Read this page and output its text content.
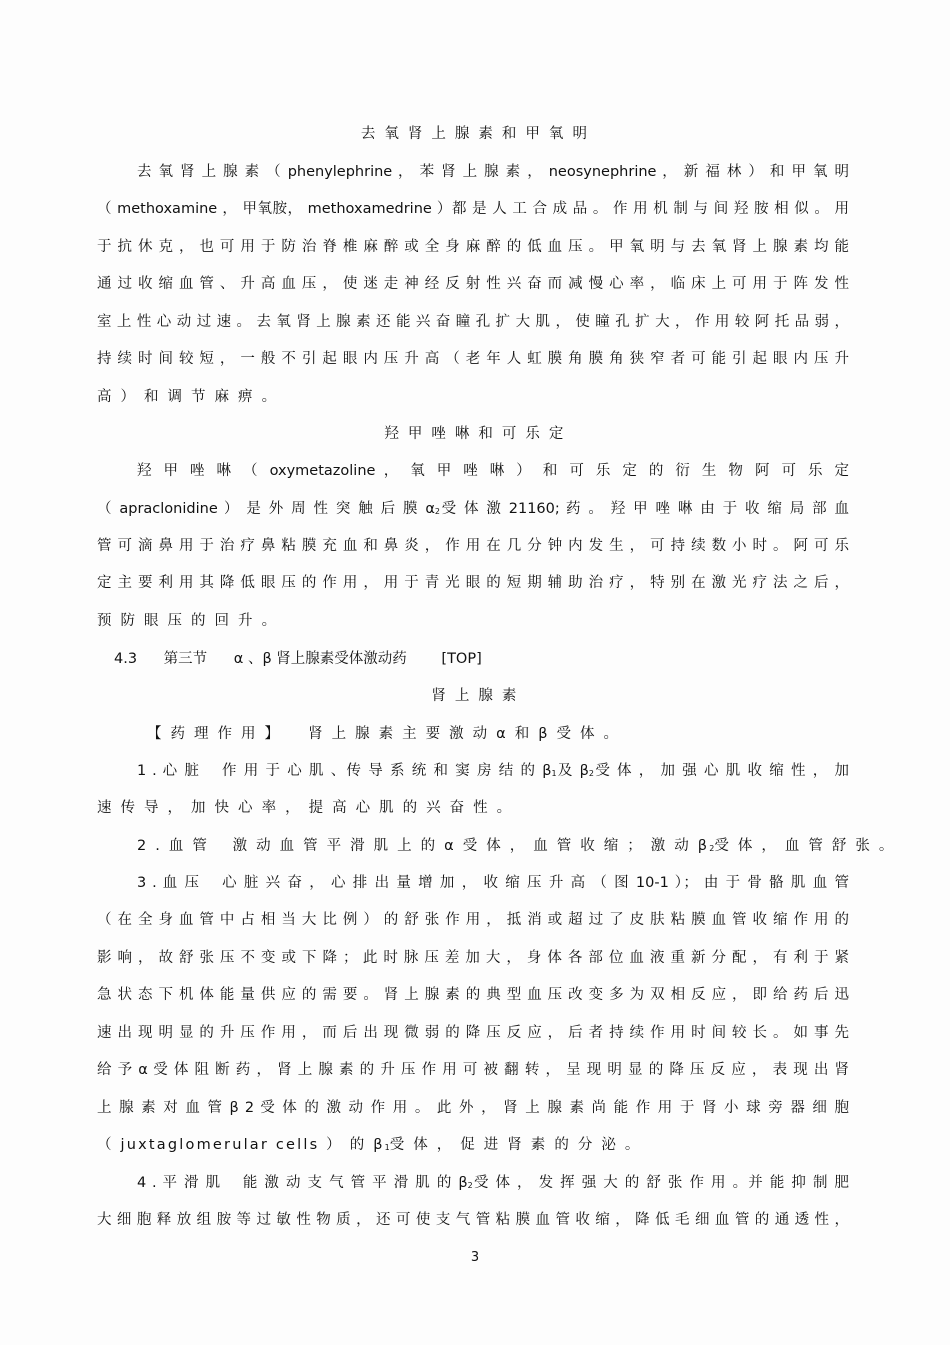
去 氧 肾 上 腺 素 和 甲 氧 明
去 氧 肾 上 腺 素 （ phenylephrine ， 苯 肾 上 腺 素 ， neosynephrine ， 新 福 林 ） 和 甲 氧 明
（ methoxamine ， 甲氧胺， methoxamedrine ）都 是 人 工 合 成 品 。 作 用 机 制 与 间 羟 胺 相 似 。 用
于 抗 休 克 ， 也 可 用 于 防 治 脊 椎 麻 醉 或 全 身 麻 醉 的 低 血 压 。 甲 氧 明 与 去 氧 肾 上 腺 素 均 能
通 过 收 缩 血 管 、 升 高 血 压 ， 使 迷 走 神 经 反 射 性 兴 奋 而 减 慢 心 率 ， 临 床 上 可 用 于 阵 发 性
室 上 性 心 动 过 速 。 去 氧 肾 上 腺 素 还 能 兴 奋 瞳 孔 扩 大 肌 ， 使 瞳 孔 扩 大 ， 作 用 较 阿 托 品 弱 ，
持 续 时 间 较 短 ， 一 般 不 引 起 眼 内 压 升 高 （ 老 年 人 虹 膜 角 膜 角 狭 窄 者 可 能 引 起 眼 内 压 升
高 ） 和 调 节 麻 痹 。
羟 甲 唑 啉 和 可 乐 定
羟 甲 唑 啉 （ oxymetazoline ， 氧 甲 唑 啉 ） 和 可 乐 定 的 衍 生 物 阿 可 乐 定
（ apraclonidine ） 是 外 周 性 突 触 后 膜 α2受 体 激 21160; 药 。 羟 甲 唑 啉 由 于 收 缩 局 部 血
管 可 滴 鼻 用 于 治 疗 鼻 粘 膜 充 血 和 鼻 炎 ， 作 用 在 几 分 钟 内 发 生 ， 可 持 续 数 小 时 。 阿 可 乐
定 主 要 利 用 其 降 低 眼 压 的 作 用 ， 用 于 青 光 眼 的 短 期 辅 助 治 疗 ， 特 别 在 激 光 疗 法 之 后 ，
预 防 眼 压 的 回 升 。
4.3 第三节 α 、β 肾上腺素受体激动药 [TOP]
肾 上 腺 素
【 药 理 作 用 】 肾 上 腺 素 主 要 激 动 α 和 β 受 体 。
1 . 心 脏　 作 用 于 心 肌 、传 导 系 统 和 窦 房 结 的 β1及 β2受 体 ， 加 强 心 肌 收 缩 性 ， 加
速 传 导 ， 加 快 心 率 ， 提 高 心 肌 的 兴 奋 性 。
2 . 血 管　 激 动 血 管 平 滑 肌 上 的 α 受 体 ， 血 管 收 缩 ； 激 动 β2受 体 ， 血 管 舒 张 。
3 . 血 压　 心 脏 兴 奋 ， 心 排 出 量 增 加 ， 收 缩 压 升 高 （ 图 10-1 ）； 由 于 骨 骼 肌 血 管
（ 在 全 身 血 管 中 占 相 当 大 比 例 ） 的 舒 张 作 用 ， 抵 消 或 超 过 了 皮 肤 粘 膜 血 管 收 缩 作 用 的
影 响 ， 故 舒 张 压 不 变 或 下 降 ； 此 时 脉 压 差 加 大 ， 身 体 各 部 位 血 液 重 新 分 配 ， 有 利 于 紧
急 状 态 下 机 体 能 量 供 应 的 需 要 。 肾 上 腺 素 的 典 型 血 压 改 变 多 为 双 相 反 应 ， 即 给 药 后 迅
速 出 现 明 显 的 升 压 作 用 ， 而 后 出 现 微 弱 的 降 压 反 应 ， 后 者 持 续 作 用 时 间 较 长 。 如 事 先
给 予 α 受 体 阻 断 药 ， 肾 上 腺 素 的 升 压 作 用 可 被 翻 转 ， 呈 现 明 显 的 降 压 反 应 ， 表 现 出 肾
上 腺 素 对 血 管 β 2 受 体 的 激 动 作 用 。 此 外 ， 肾 上 腺 素 尚 能 作 用 于 肾 小 球 旁 器 细 胞
（ juxtaglomerular cells ） 的 β1受 体 ， 促 进 肾 素 的 分 泌 。
4 . 平 滑 肌　 能 激 动 支 气 管 平 滑 肌 的 β2受 体 ， 发 挥 强 大 的 舒 张 作 用 。并 能 抑 制 肥
大 细 胞 释 放 组 胺 等 过 敏 性 物 质 ， 还 可 使 支 气 管 粘 膜 血 管 收 缩 ， 降 低 毛 细 血 管 的 通 透 性 ，
3
